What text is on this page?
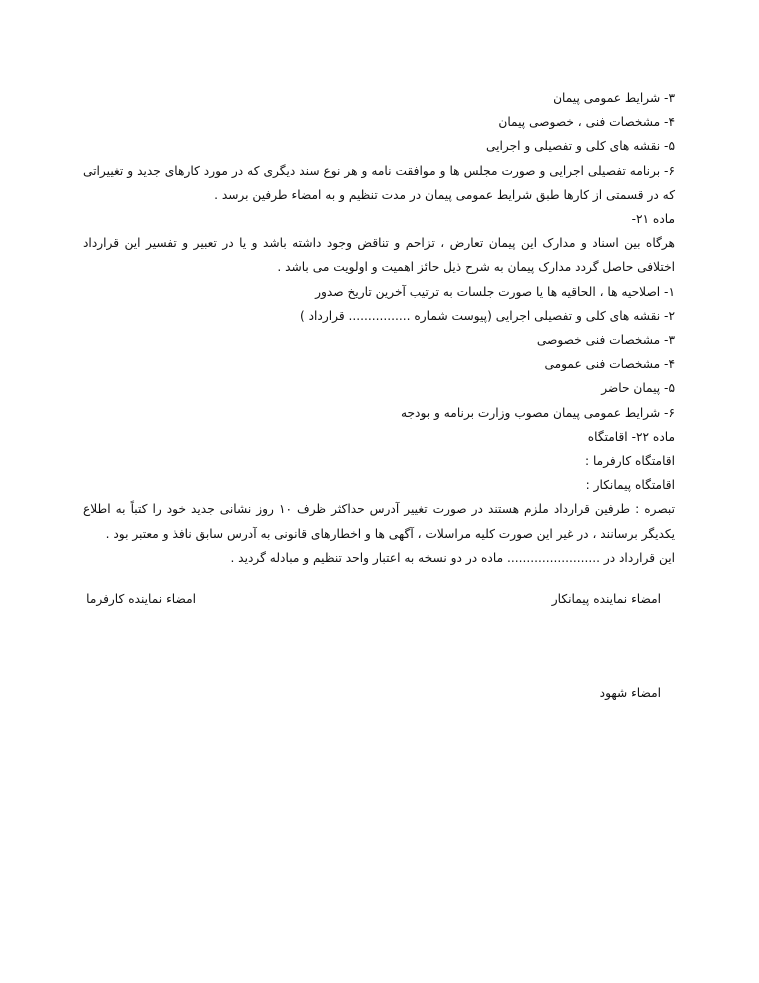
۳- شرایط عمومی پیمان
۴- مشخصات فنی ، خصوصی پیمان
۵- نقشه های کلی و تفصیلی و اجرایی
۶- برنامه تفصیلی اجرایی و صورت مجلس ها و موافقت نامه و هر نوع سند دیگری که در مورد کارهای جدید و تغییراتی که در قسمتی از کارها طبق شرایط عمومی پیمان در مدت تنظیم و به امضاء طرفین برسد .
ماده ۲۱-
هرگاه بین اسناد و مدارک این پیمان تعارض ، تزاحم و تناقض وجود داشته باشد و یا در تعبیر و تفسیر این قرارداد اختلافی حاصل گردد مدارک پیمان به شرح ذیل حائز اهمیت و اولویت می باشد .
۱- اصلاحیه ها ، الحاقیه ها یا صورت جلسات به ترتیب آخرین تاریخ صدور
۲- نقشه های کلی و تفصیلی اجرایی (پیوست شماره ................ قرارداد )
۳- مشخصات فنی خصوصی
۴- مشخصات فنی عمومی
۵- پیمان حاضر
۶- شرایط عمومی پیمان مصوب وزارت برنامه و بودجه
ماده ۲۲- اقامتگاه
اقامتگاه کارفرما :
اقامتگاه پیمانکار :
تبصره : طرفین قرارداد ملزم هستند در صورت تغییر آدرس حداکثر ظرف ۱۰ روز نشانی جدید خود را کتباً به اطلاع یکدیگر برسانند ، در غیر این صورت کلیه مراسلات ، آگهی ها و اخطارهای قانونی به آدرس سابق نافذ و معتبر بود .
این قرارداد در ........................ ماده در دو نسخه به اعتبار واحد تنظیم و مبادله گردید .
امضاء نماینده پیمانکار
امضاء نماینده کارفرما
امضاء شهود
